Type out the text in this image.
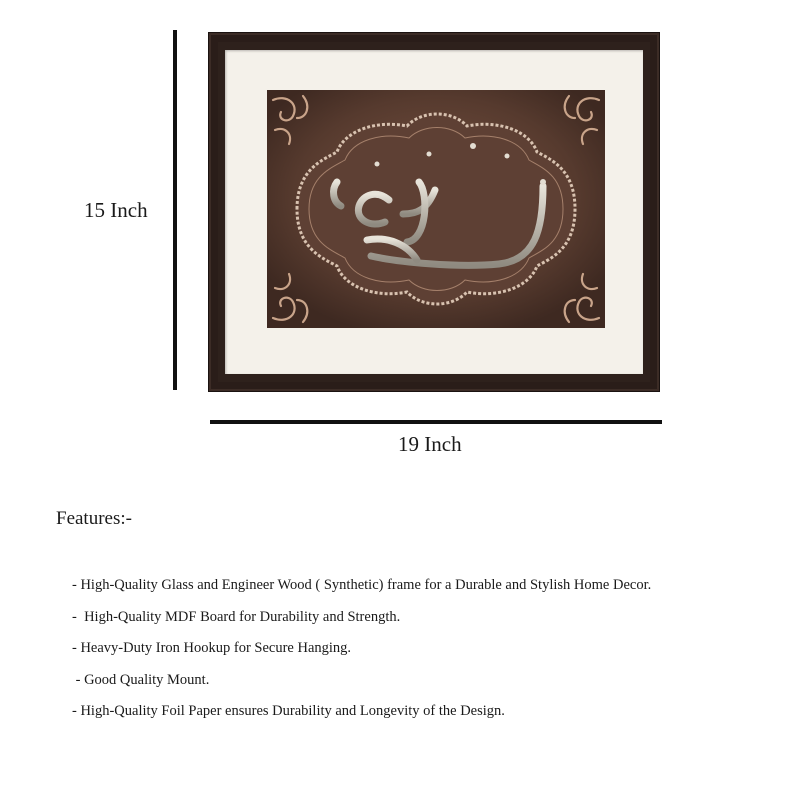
15 Inch
19 Inch
Features:-
- High-Quality Glass and Engineer Wood ( Synthetic) frame for a Durable and Stylish Home Decor.
-  High-Quality MDF Board for Durability and Strength.
- Heavy-Duty Iron Hookup for Secure Hanging.
- Good Quality Mount.
- High-Quality Foil Paper ensures Durability and Longevity of the Design.
